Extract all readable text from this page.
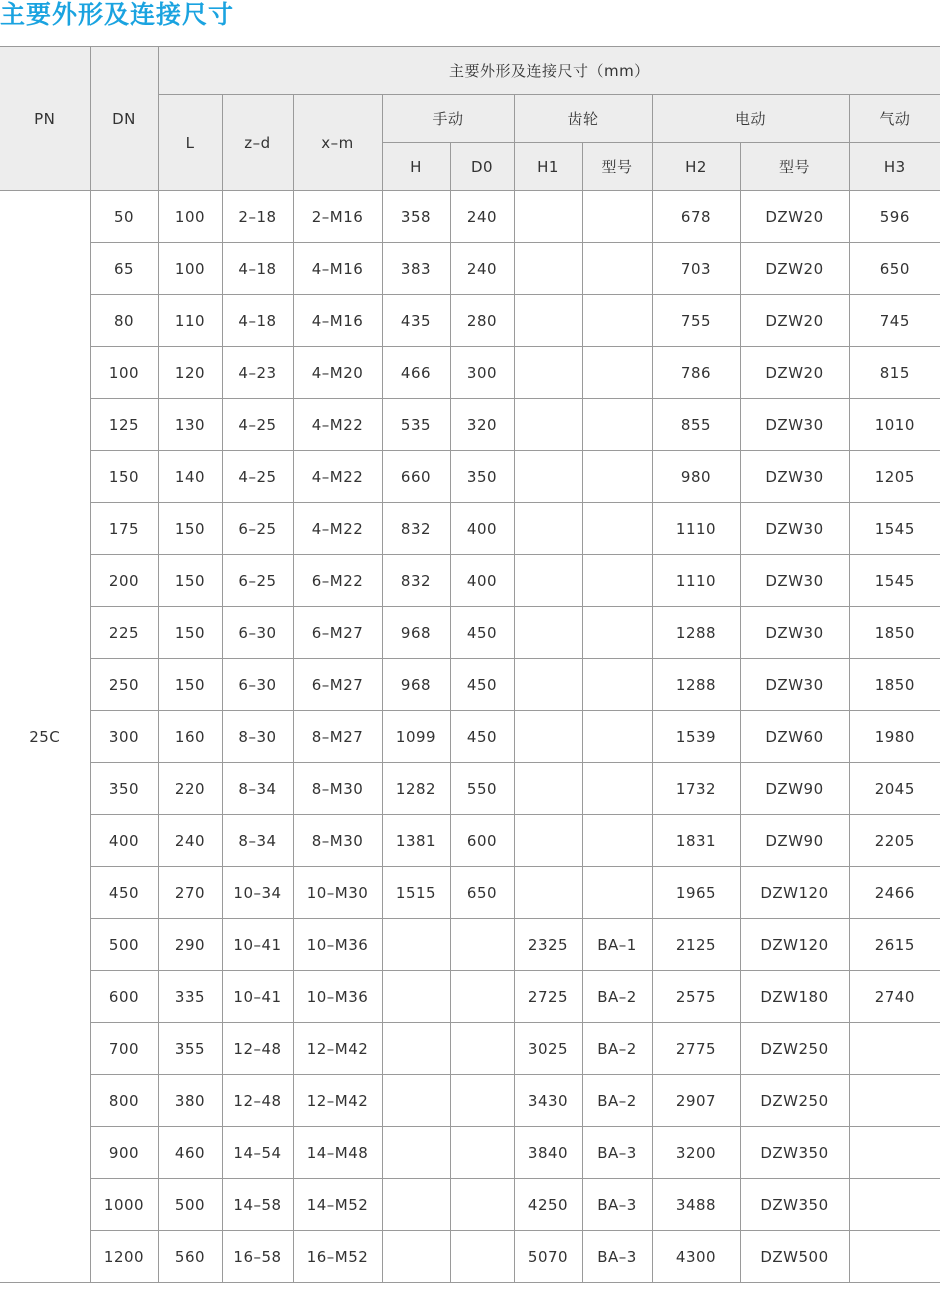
主要外形及连接尺寸
PN	DN	主要外形及连接尺寸（mm）									
		L	z–d	x–m	手动		齿轮		电动		气动
					H	D0	H1	型号	H2	型号	H3
25C	50	100	2–18	2–M16	358	240			678	DZW20	596
	65	100	4–18	4–M16	383	240			703	DZW20	650
	80	110	4–18	4–M16	435	280			755	DZW20	745
	100	120	4–23	4–M20	466	300			786	DZW20	815
	125	130	4–25	4–M22	535	320			855	DZW30	1010
	150	140	4–25	4–M22	660	350			980	DZW30	1205
	175	150	6–25	4–M22	832	400			1110	DZW30	1545
	200	150	6–25	6–M22	832	400			1110	DZW30	1545
	225	150	6–30	6–M27	968	450			1288	DZW30	1850
	250	150	6–30	6–M27	968	450			1288	DZW30	1850
	300	160	8–30	8–M27	1099	450			1539	DZW60	1980
	350	220	8–34	8–M30	1282	550			1732	DZW90	2045
	400	240	8–34	8–M30	1381	600			1831	DZW90	2205
	450	270	10–34	10–M30	1515	650			1965	DZW120	2466
	500	290	10–41	10–M36			2325	BA–1	2125	DZW120	2615
	600	335	10–41	10–M36			2725	BA–2	2575	DZW180	2740
	700	355	12–48	12–M42			3025	BA–2	2775	DZW250	
	800	380	12–48	12–M42			3430	BA–2	2907	DZW250	
	900	460	14–54	14–M48			3840	BA–3	3200	DZW350	
	1000	500	14–58	14–M52			4250	BA–3	3488	DZW350	
	1200	560	16–58	16–M52			5070	BA–3	4300	DZW500	
